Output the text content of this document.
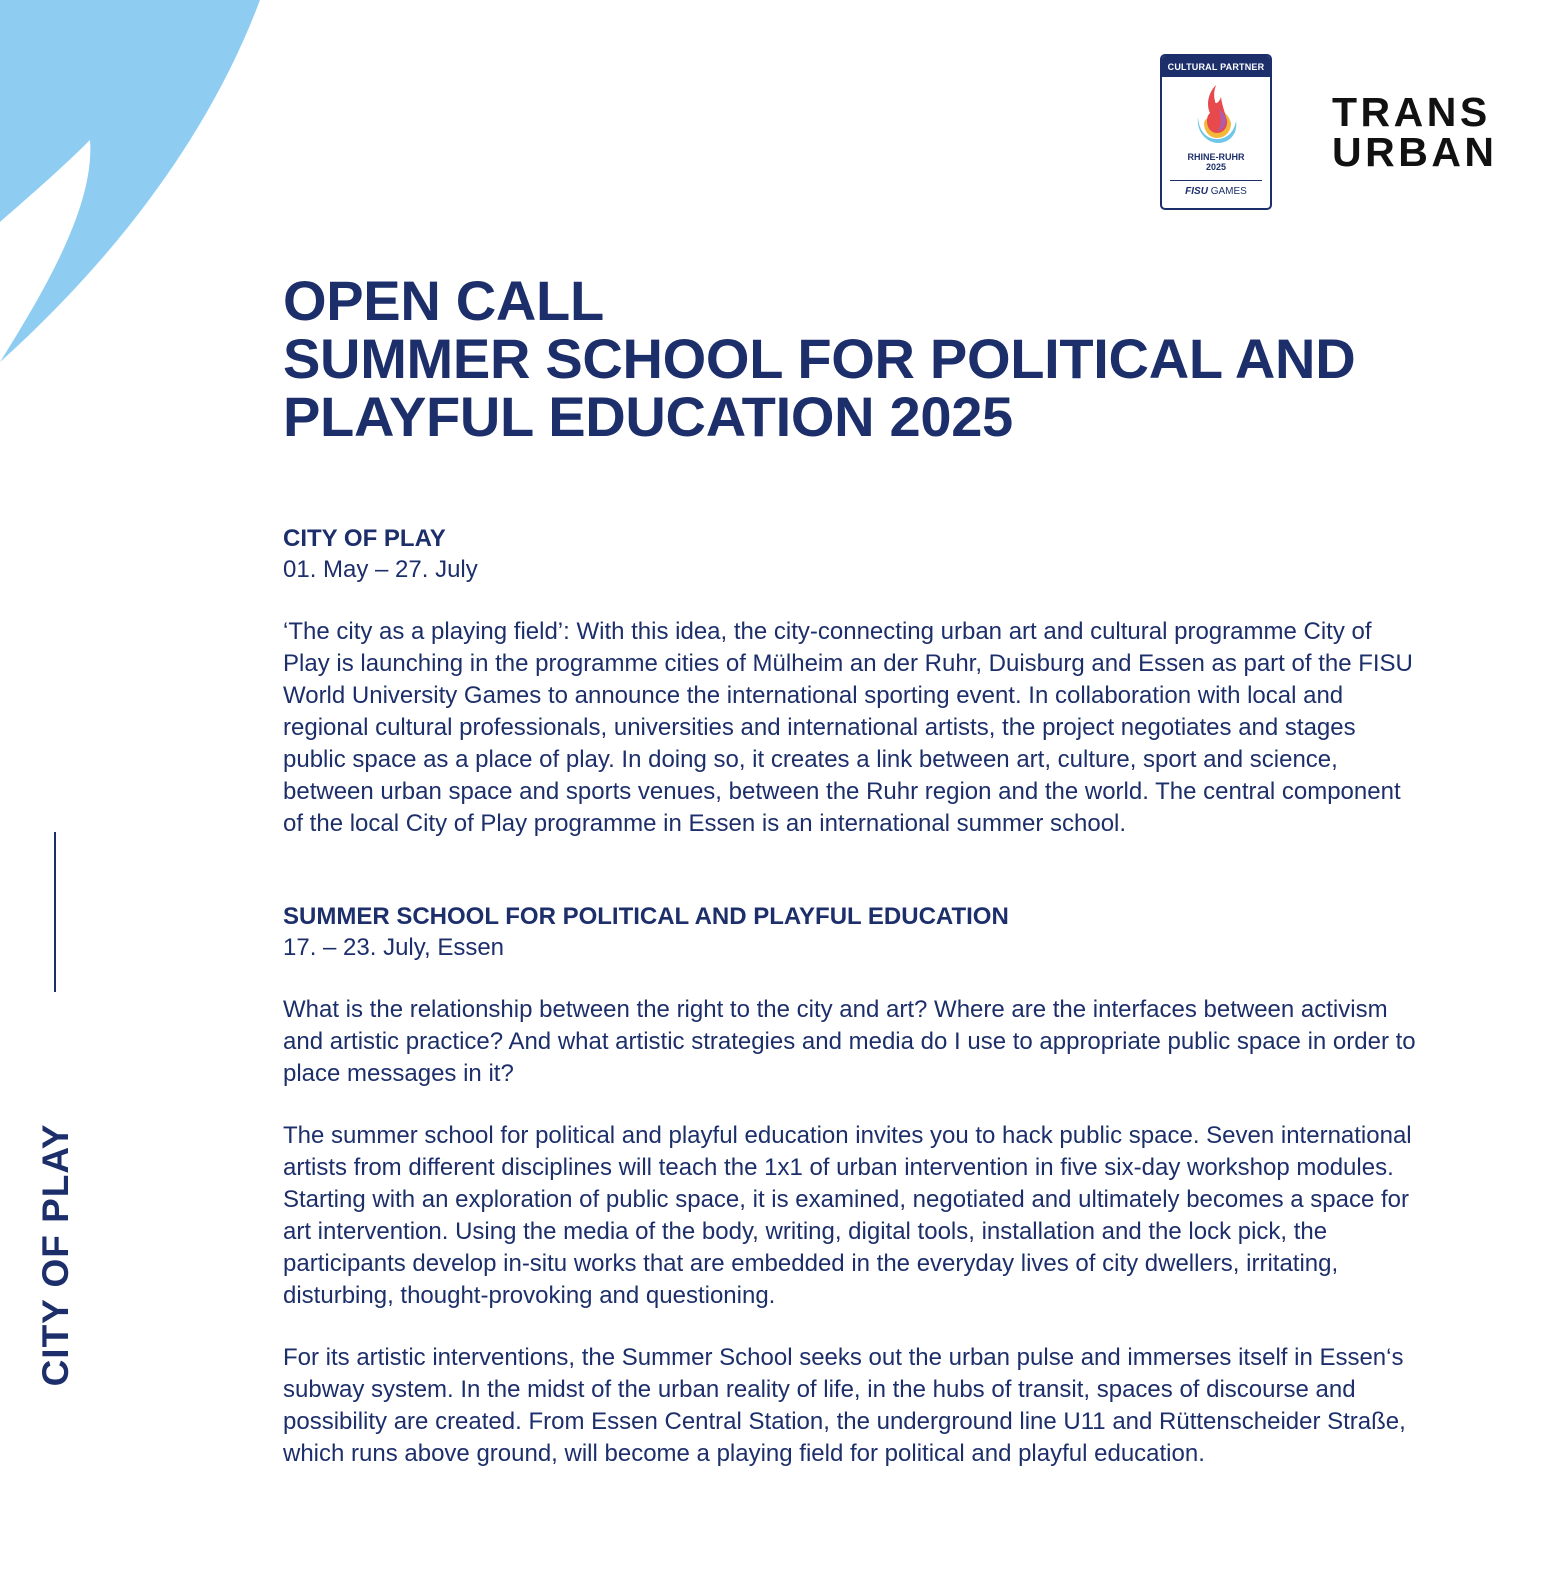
CITY OF PLAY
CULTURAL PARTNER
RHINE-RUHR
2025
FISU GAMES
TRANS
URBAN
OPEN CALL
SUMMER SCHOOL FOR POLITICAL AND
PLAYFUL EDUCATION 2025
CITY OF PLAY
01. May – 27. July

‘The city as a playing field’: With this idea, the city-connecting urban art and cultural programme City of Play is launching in the programme cities of Mülheim an der Ruhr, Duisburg and Essen as part of the FISU World University Games to announce the international sporting event. In collaboration with local and regional cultural professionals, universities and international artists, the project negotiates and stages public space as a place of play. In doing so, it creates a link between art, culture, sport and science, between urban space and sports venues, between the Ruhr region and the world. The central component of the local City of Play programme in Essen is an international summer school.

SUMMER SCHOOL FOR POLITICAL AND PLAYFUL EDUCATION
17. – 23. July, Essen

What is the relationship between the right to the city and art? Where are the interfaces between activism and artistic practice? And what artistic strategies and media do I use to appropriate public space in order to place messages in it?

The summer school for political and playful education invites you to hack public space. Seven international artists from different disciplines will teach the 1x1 of urban intervention in five six-day workshop modules. Starting with an exploration of public space, it is examined, negotiated and ultimately becomes a space for art intervention. Using the media of the body, writing, digital tools, installation and the lock pick, the participants develop in-situ works that are embedded in the everyday lives of city dwellers, irritating, disturbing, thought-provoking and questioning.

For its artistic interventions, the Summer School seeks out the urban pulse and immerses itself in Essen‘s subway system. In the midst of the urban reality of life, in the hubs of transit, spaces of discourse and possibility are created. From Essen Central Station, the underground line U11 and Rüttenscheider Straße, which runs above ground, will become a playing field for political and playful education.
